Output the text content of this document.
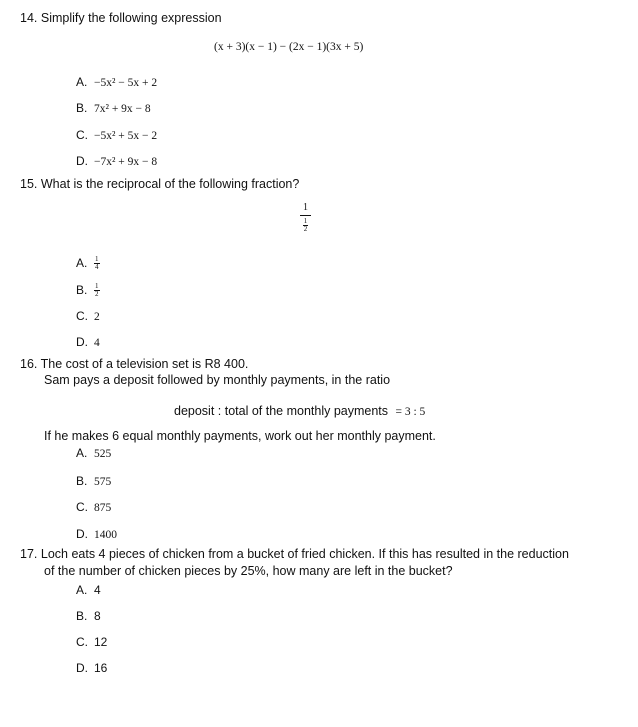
14. Simplify the following expression
(x + 3)(x − 1) − (2x − 1)(3x + 5)
A. −5x² − 5x + 2
B. 7x² + 9x − 8
C. −5x² + 5x − 2
D. −7x² + 9x − 8
15. What is the reciprocal of the following fraction?
$\frac{1}{\frac{1}{2}}$
A. $\frac{1}{4}$
B. $\frac{1}{2}$
C. 2
D. 4
16. The cost of a television set is R8 400.
Sam pays a deposit followed by monthly payments, in the ratio
deposit : total of the monthly payments = 3 : 5
If he makes 6 equal monthly payments, work out her monthly payment.
A. 525
B. 575
C. 875
D. 1400
17. Loch eats 4 pieces of chicken from a bucket of fried chicken. If this has resulted in the reduction
of the number of chicken pieces by 25%, how many are left in the bucket?
A. 4
B. 8
C. 12
D. 16
